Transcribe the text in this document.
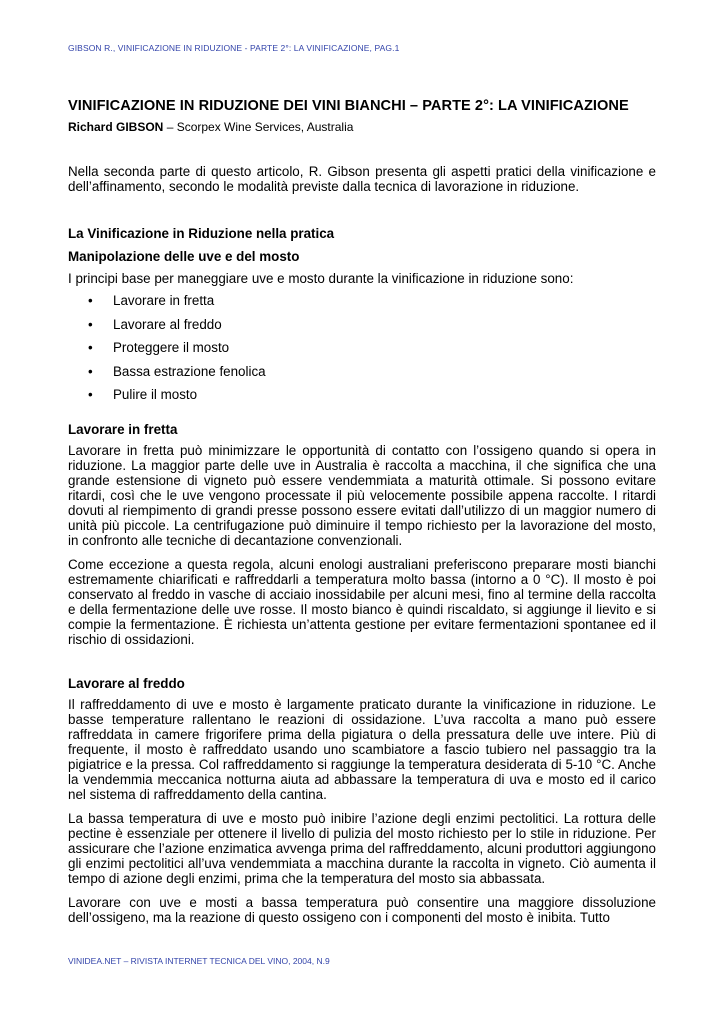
GIBSON R., VINIFICAZIONE IN RIDUZIONE - PARTE 2°: LA VINIFICAZIONE, PAG.1
VINIFICAZIONE IN RIDUZIONE DEI VINI BIANCHI – PARTE 2°: LA VINIFICAZIONE
Richard GIBSON – Scorpex Wine Services, Australia

Nella seconda parte di questo articolo, R. Gibson presenta gli aspetti pratici della vinificazione e dell’affinamento, secondo le modalità previste dalla tecnica di lavorazione in riduzione.

La Vinificazione in Riduzione nella pratica
Manipolazione delle uve e del mosto

I principi base per maneggiare uve e mosto durante la vinificazione in riduzione sono:

• Lavorare in fretta
• Lavorare al freddo
• Proteggere il mosto
• Bassa estrazione fenolica
• Pulire il mosto
Lavorare in fretta

Lavorare in fretta può minimizzare le opportunità di contatto con l’ossigeno quando si opera in riduzione. La maggior parte delle uve in Australia è raccolta a macchina, il che significa che una grande estensione di vigneto può essere vendemmiata a maturità ottimale. Si possono evitare ritardi, così che le uve vengono processate il più velocemente possibile appena raccolte. I ritardi dovuti al riempimento di grandi presse possono essere evitati dall’utilizzo di un maggior numero di unità più piccole. La centrifugazione può diminuire il tempo richiesto per la lavorazione del mosto, in confronto alle tecniche di decantazione convenzionali.

Come eccezione a questa regola, alcuni enologi australiani preferiscono preparare mosti bianchi estremamente chiarificati e raffreddarli a temperatura molto bassa (intorno a 0 °C). Il mosto è poi conservato al freddo in vasche di acciaio inossidabile per alcuni mesi, fino al termine della raccolta e della fermentazione delle uve rosse. Il mosto bianco è quindi riscaldato, si aggiunge il lievito e si compie la fermentazione. È richiesta un’attenta gestione per evitare fermentazioni spontanee ed il rischio di ossidazioni.

Lavorare al freddo

Il raffreddamento di uve e mosto è largamente praticato durante la vinificazione in riduzione. Le basse temperature rallentano le reazioni di ossidazione. L’uva raccolta a mano può essere raffreddata in camere frigorifere prima della pigiatura o della pressatura delle uve intere. Più di frequente, il mosto è raffreddato usando uno scambiatore a fascio tubiero nel passaggio tra la pigiatrice e la pressa. Col raffreddamento si raggiunge la temperatura desiderata di 5-10 °C. Anche la vendemmia meccanica notturna aiuta ad abbassare la temperatura di uva e mosto ed il carico nel sistema di raffreddamento della cantina.

La bassa temperatura di uve e mosto può inibire l’azione degli enzimi pectolitici. La rottura delle pectine è essenziale per ottenere il livello di pulizia del mosto richiesto per lo stile in riduzione. Per assicurare che l’azione enzimatica avvenga prima del raffreddamento, alcuni produttori aggiungono gli enzimi pectolitici all’uva vendemmiata a macchina durante la raccolta in vigneto. Ciò aumenta il tempo di azione degli enzimi, prima che la temperatura del mosto sia abbassata.

Lavorare con uve e mosti a bassa temperatura può consentire una maggiore dissoluzione dell’ossigeno, ma la reazione di questo ossigeno con i componenti del mosto è inibita. Tutto

VINIDEA.NET – RIVISTA INTERNET TECNICA DEL VINO, 2004, N.9
